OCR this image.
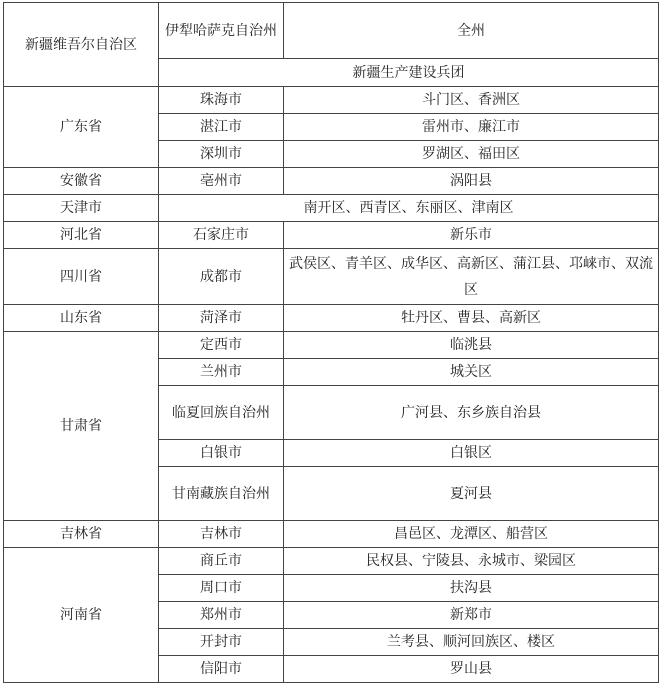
新疆维吾尔自治区	伊犁哈萨克自治州	全州
	新疆生产建设兵团	
广东省	珠海市	斗门区、香洲区
	湛江市	雷州市、廉江市
	深圳市	罗湖区、福田区
安徽省	亳州市	涡阳县
天津市	南开区、西青区、东丽区、津南区	
河北省	石家庄市	新乐市
四川省	成都市	武侯区、青羊区、成华区、高新区、蒲江县、邛崃市、双流区
山东省	菏泽市	牡丹区、曹县、高新区
甘肃省	定西市	临洮县
	兰州市	城关区
	临夏回族自治州	广河县、东乡族自治县
	白银市	白银区
	甘南藏族自治州	夏河县
吉林省	吉林市	昌邑区、龙潭区、船营区
河南省	商丘市	民权县、宁陵县、永城市、梁园区
	周口市	扶沟县
	郑州市	新郑市
	开封市	兰考县、顺河回族区、楼区
	信阳市	罗山县
